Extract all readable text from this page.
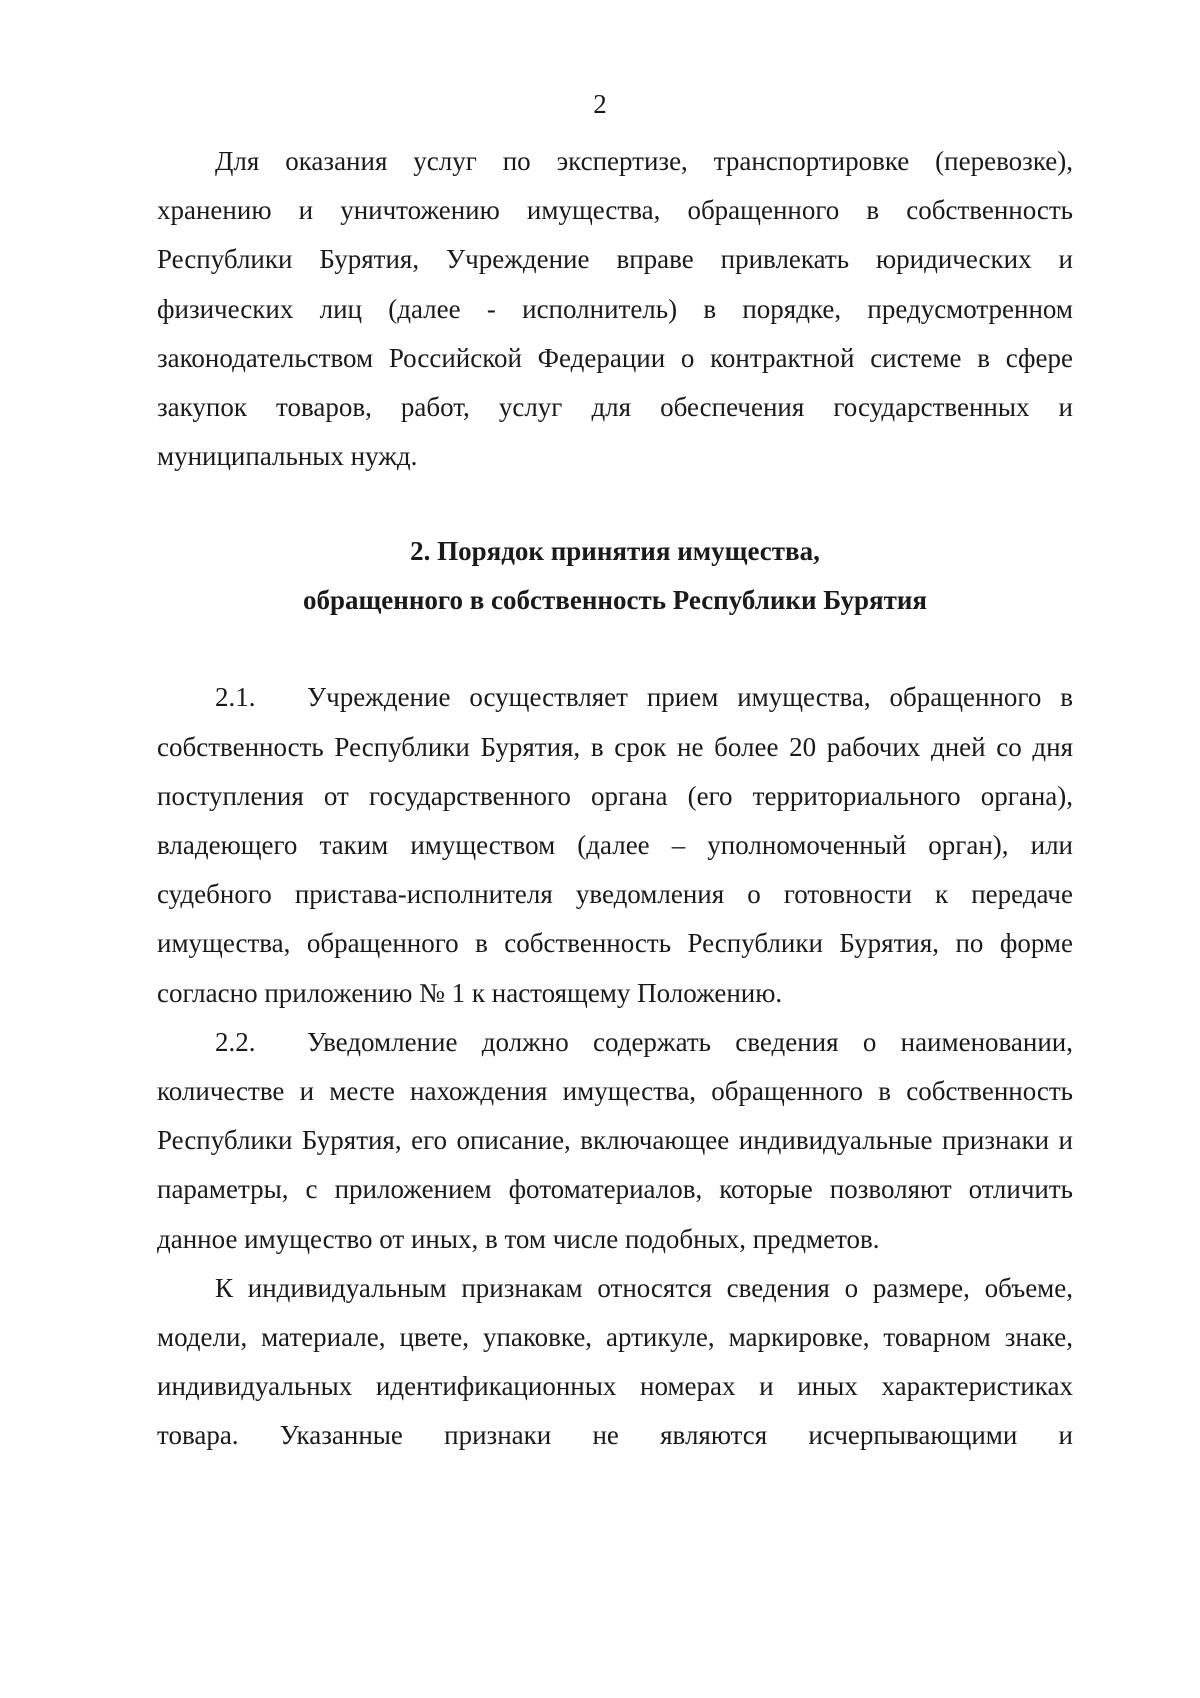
2

Для оказания услуг по экспертизе, транспортировке (перевозке), хранению и уничтожению имущества, обращенного в собственность Республики Бурятия, Учреждение вправе привлекать юридических и физических лиц (далее - исполнитель) в порядке, предусмотренном законодательством Российской Федерации о контрактной системе в сфере закупок товаров, работ, услуг для обеспечения государственных и муниципальных нужд.

2. Порядок принятия имущества,
обращенного в собственность Республики Бурятия

2.1. Учреждение осуществляет прием имущества, обращенного в собственность Республики Бурятия, в срок не более 20 рабочих дней со дня поступления от государственного органа (его территориального органа), владеющего таким имуществом (далее – уполномоченный орган), или судебного пристава-исполнителя уведомления о готовности к передаче имущества, обращенного в собственность Республики Бурятия, по форме согласно приложению № 1 к настоящему Положению.

2.2. Уведомление должно содержать сведения о наименовании, количестве и месте нахождения имущества, обращенного в собственность Республики Бурятия, его описание, включающее индивидуальные признаки и параметры, с приложением фотоматериалов, которые позволяют отличить данное имущество от иных, в том числе подобных, предметов.

К индивидуальным признакам относятся сведения о размере, объеме, модели, материале, цвете, упаковке, артикуле, маркировке, товарном знаке, индивидуальных идентификационных номерах и иных характеристиках товара. Указанные признаки не являются исчерпывающими и
